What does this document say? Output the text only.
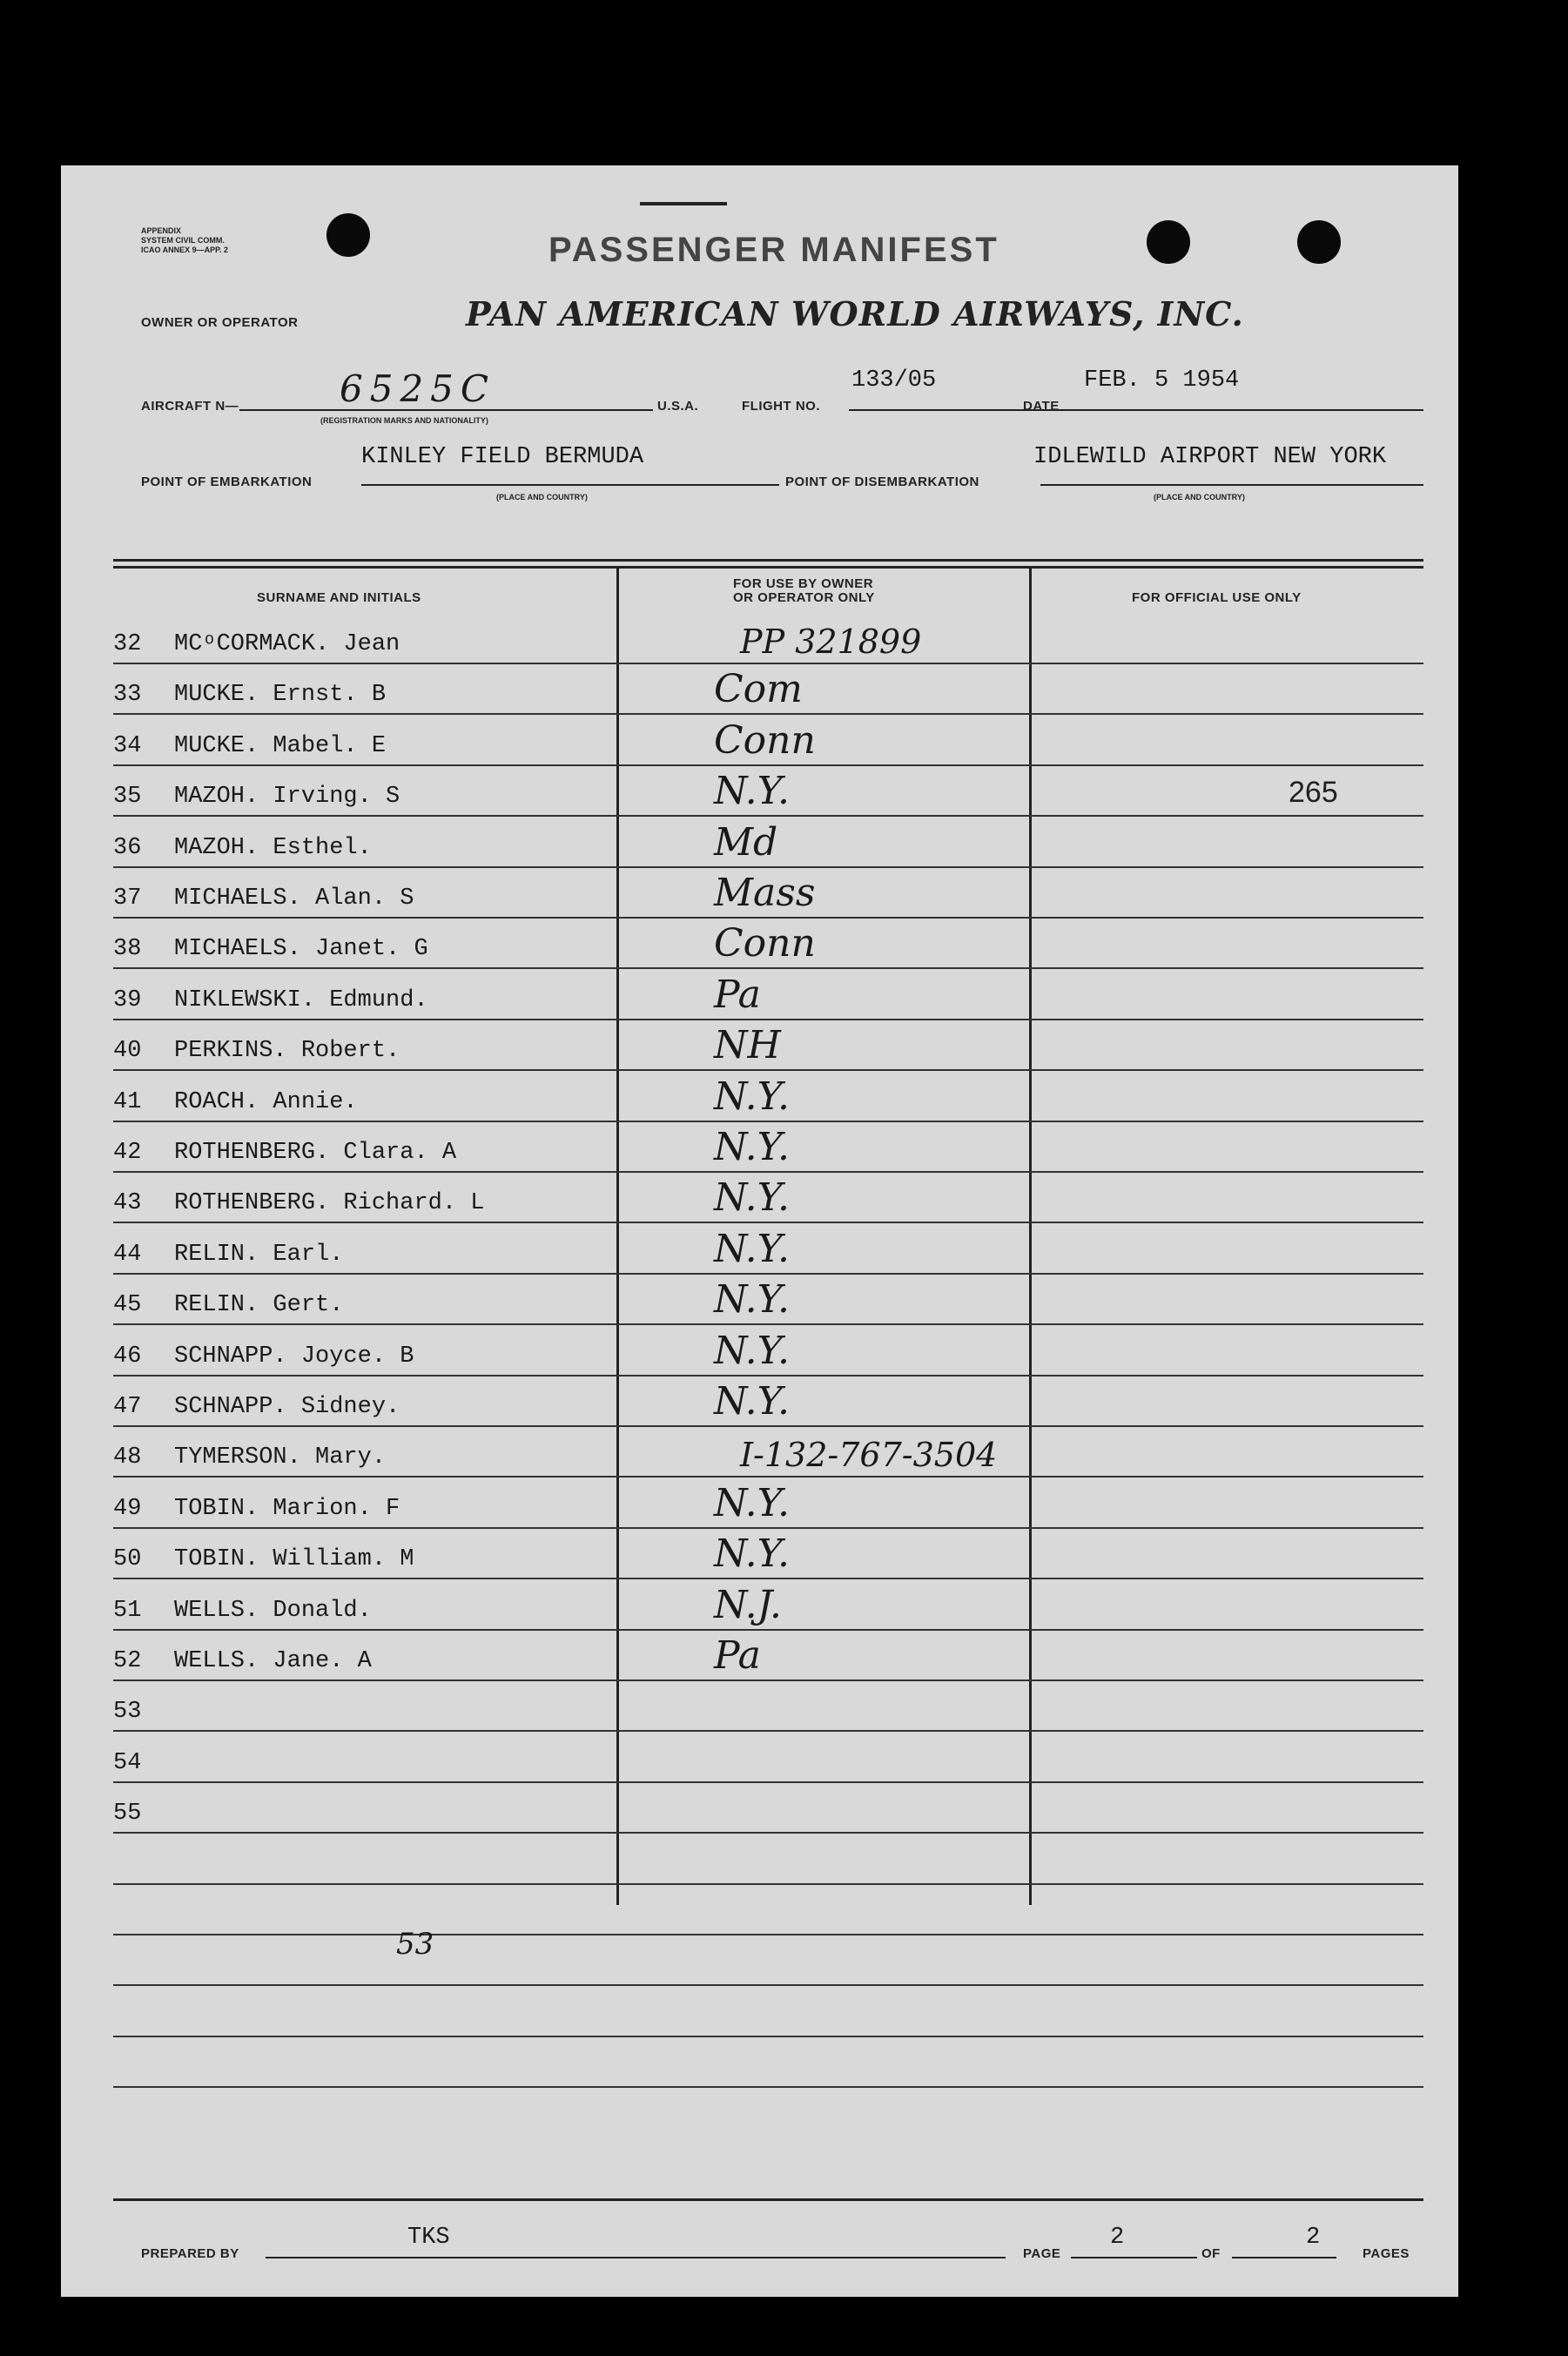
APPENDIX
SYSTEM CIVIL COMM.
ICAO ANNEX 9—APP. 2	PASSENGER MANIFEST
OWNER OR OPERATOR	PAN AMERICAN WORLD AIRWAYS, INC.
AIRCRAFT N—	6525C
(REGISTRATION MARKS AND NATIONALITY)
U.S.A.	FLIGHT NO.
133/05
DATE
FEB. 5 1954
POINT OF EMBARKATION
KINLEY FIELD BERMUDA
(PLACE AND COUNTRY)
POINT OF DISEMBARKATION
IDLEWILD AIRPORT NEW YORK
(PLACE AND COUNTRY)
SURNAME AND INITIALS
FOR USE BY OWNER
OR OPERATOR ONLY	FOR OFFICIAL USE ONLY
32	MCᵒCORMACK. Jean	PP 321899
33	MUCKE. Ernst. B	Com
34	MUCKE. Mabel. E	Conn
35	MAZOH. Irving. S	N.Y.	265
36	MAZOH. Esthel.	Md
37	MICHAELS. Alan. S	Mass
38	MICHAELS. Janet. G	Conn
39	NIKLEWSKI. Edmund.	Pa
40	PERKINS. Robert.	NH
41	ROACH. Annie.	N.Y.
42	ROTHENBERG. Clara. A	N.Y.
43	ROTHENBERG. Richard. L	N.Y.
44	RELIN. Earl.	N.Y.
45	RELIN. Gert.	N.Y.
46	SCHNAPP. Joyce. B	N.Y.
47	SCHNAPP. Sidney.	N.Y.
48	TYMERSON. Mary.	I-132-767-3504
49	TOBIN. Marion. F	N.Y.
50	TOBIN. William. M	N.Y.
51	WELLS. Donald.	N.J.
52	WELLS. Jane. A	Pa
53
54
55
53
PREPARED BY
TKS
PAGE
2
OF
2
PAGES
